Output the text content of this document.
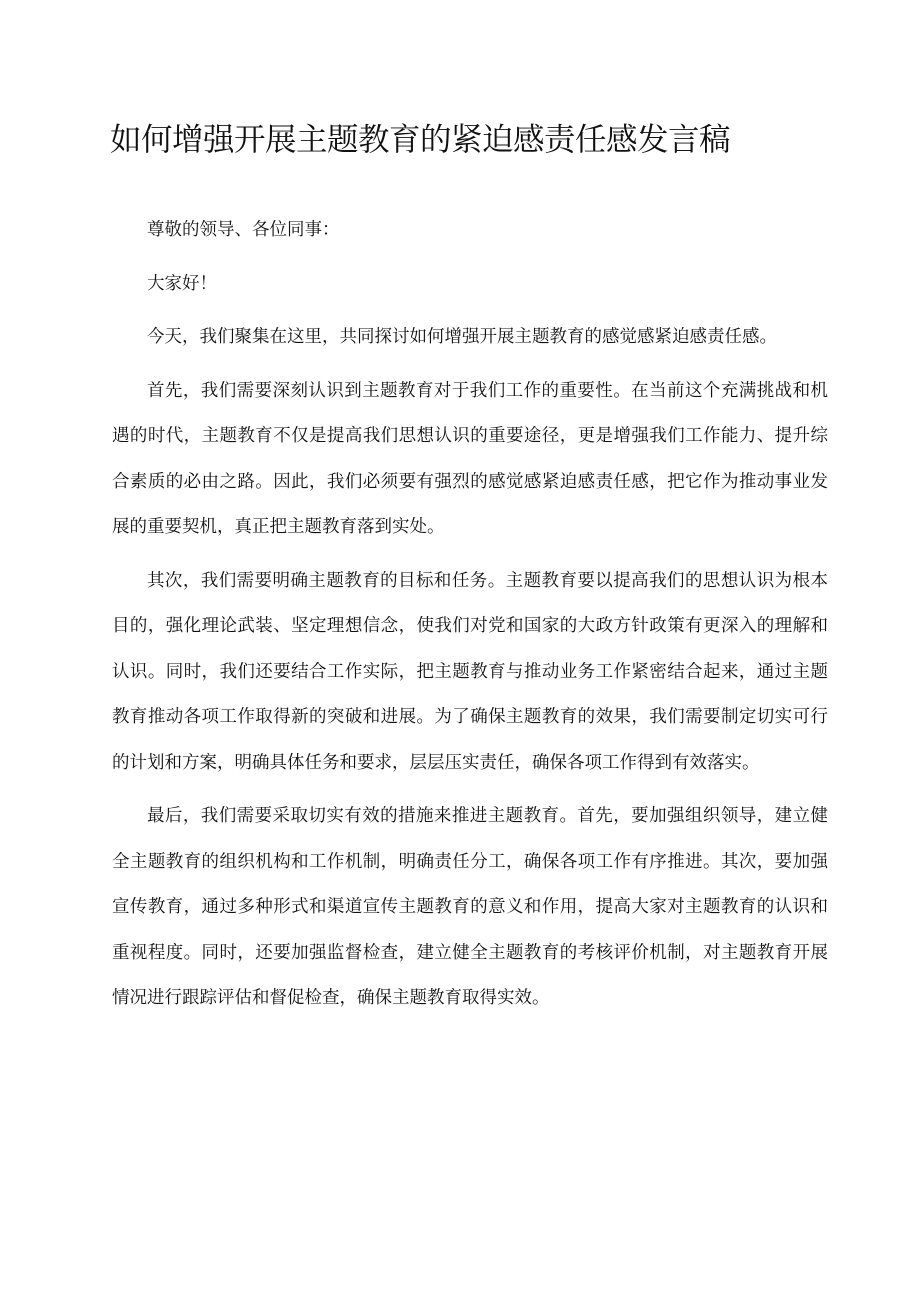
如何增强开展主题教育的紧迫感责任感发言稿

尊敬的领导、各位同事：

大家好！

今天，我们聚集在这里，共同探讨如何增强开展主题教育的感觉感紧迫感责任感。

首先，我们需要深刻认识到主题教育对于我们工作的重要性。在当前这个充满挑战和机遇的时代，主题教育不仅是提高我们思想认识的重要途径，更是增强我们工作能力、提升综合素质的必由之路。因此，我们必须要有强烈的感觉感紧迫感责任感，把它作为推动事业发展的重要契机，真正把主题教育落到实处。

其次，我们需要明确主题教育的目标和任务。主题教育要以提高我们的思想认识为根本目的，强化理论武装、坚定理想信念，使我们对党和国家的大政方针政策有更深入的理解和认识。同时，我们还要结合工作实际，把主题教育与推动业务工作紧密结合起来，通过主题教育推动各项工作取得新的突破和进展。为了确保主题教育的效果，我们需要制定切实可行的计划和方案，明确具体任务和要求，层层压实责任，确保各项工作得到有效落实。

最后，我们需要采取切实有效的措施来推进主题教育。首先，要加强组织领导，建立健全主题教育的组织机构和工作机制，明确责任分工，确保各项工作有序推进。其次，要加强宣传教育，通过多种形式和渠道宣传主题教育的意义和作用，提高大家对主题教育的认识和重视程度。同时，还要加强监督检查，建立健全主题教育的考核评价机制，对主题教育开展情况进行跟踪评估和督促检查，确保主题教育取得实效。
